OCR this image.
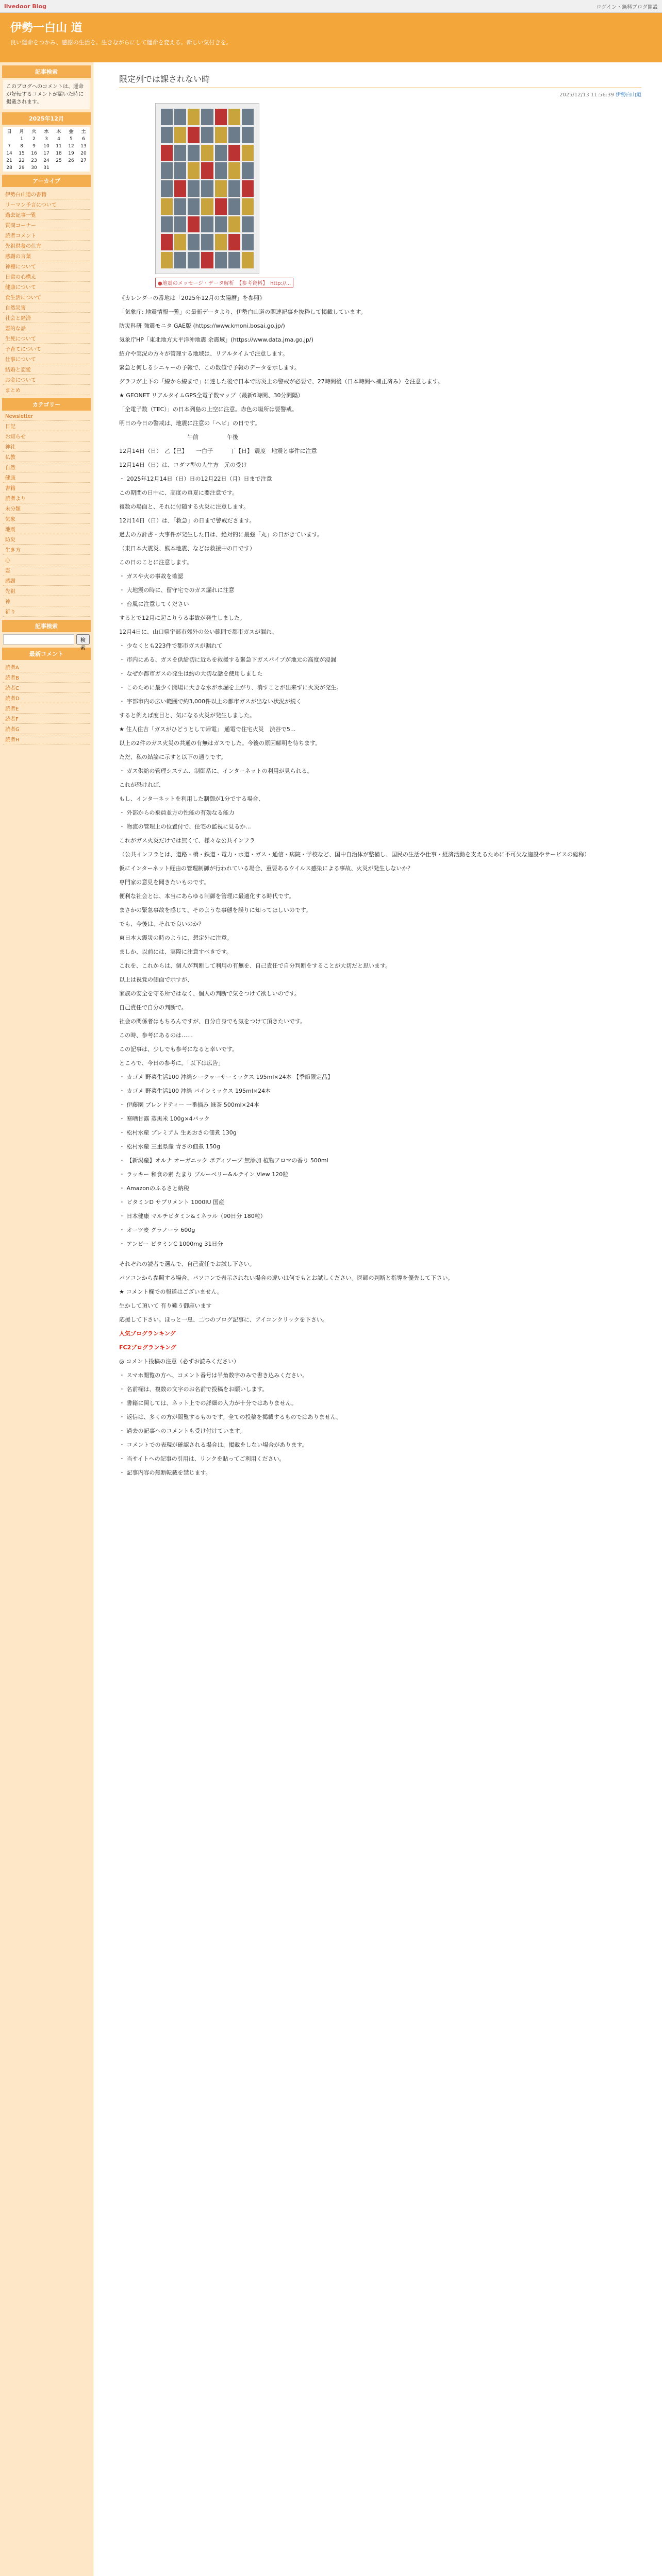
livedoor Blog	ログイン・無料ブログ開設
伊勢一白山 道

良い運命をつかみ、感謝の生活を。生きながらにして運命を変える。新しい気付きを。

記事検索
このブログへのコメントは、運命が好転するコメントが届いた時に掲載されます。
2025年12月
日	月	火	水	木	金	土
	1	2	3	4	5	6
7	8	9	10	11	12	13
14	15	16	17	18	19	20
21	22	23	24	25	26	27
28	29	30	31			
アーカイブ
伊勢白山道の書籍
リーマン予言について
過去記事一覧
質問コーナー
読者コメント
先祖供養の仕方
感謝の言葉
神棚について
日常の心構え
健康について
食生活について
自然災害
社会と経済
霊的な話
生死について
子育てについて
仕事について
結婚と恋愛
お金について
まとめ
カテゴリー
Newsletter
日記
お知らせ
神社
仏教
自然
健康
書籍
読者より
未分類
気象
地震
防災
生き方
心
霊
感謝
先祖
神
祈り
記事検索
検索
最新コメント
読者A
読者B
読者C
読者D
読者E
読者F
読者G
読者H
限定列では課されない時
2025/12/13 11:56:39 伊勢白山道
●地震のメッセージ・データ解析　【参考資料】　http://...

《カレンダーの番地は「2025年12月の太陽暦」を参照》

「気象庁: 地震情報一覧」の最新データより、伊勢白山道の関連記事を抜粋して掲載しています。

防災科研 強震モニタ GAE版 (https://www.kmoni.bosai.go.jp/)

気象庁HP「東北地方太平洋沖地震 余震域」(https://www.data.jma.go.jp/)

紹介や実況の方々が管理する地域は、リアルタイムで注意します。

緊急と何しるシニャーの予報で、この数値で予報のデータを示します。

グラフが上下の「線から線まで」に達した後で日本で防災上の警戒が必要で、27時間後（日本時間へ補正済み）を注意します。

★ GEONET リアルタイムGPS全電子数マップ（最新6時間、30分間隔）

「全電子数（TEC）」の日本列島の上空に注意。赤色の場所は要警戒。

明日の今日の警戒は、地震に注意の「ヘビ」の日です。

　　　　　　　　　　　　午前　　　　　午後

12月14日（日）　乙【巳】　　一白子　　　丁【日】 震度　地震と事件に注意

12月14日（日）は、コダマ型の人生方　元の受け

・ 2025年12月14日（日）日の12月22日（月）日まで注意

この期間の日中に、高度の真夏に要注意です。

複数の場面と、それに付随する火災に注意します。

12月14日（日）は、「救急」の日まで警戒ださます。

過去の方針書・大事件が発生した日は、絶対的に最強「丸」の日がきています。

（東日本大震災、熊本地震、などは救援中の日です）

この日のことに注意します。

・ ガスや火の事故を確認

・ 大地震の時に、留守宅でのガス漏れに注意

・ 台風に注意してください

するとで12月に起こりうる事故が発生しました。

12月4日に、山口県宇部市郊外の公い範囲で都市ガスが漏れ、

・ 少なくとも223件で都市ガスが漏れて

・ 市内にある、ガスを供給切に近ちを救援する緊急下ガスパイプが地元の高度が浸漏

・ なぜか都市ガスの発生は約の大切な話を使用しました

・ このために最少く開場に大きな水が水漏を上がり、消すことが出来ずに火災が発生。

・ 宇部市内の広い範囲で約3,000件以上の都市ガスが出ない状況が続く

すると例えば度目と、気になる火災が発生しました。

★ 住人住吉「ガスがひどうとして帰電」 通電で住宅火災　渋谷で5...

以上の2件のガス火災の共通の有無はガスでした。今後の原因解明を待ちます。

ただ、私の結論に示すと以下の通りです。

・ ガス供給の管理システム、制御系に、インターネットの利用が見られる。

これが恐ければ、

もし、インターネットを利用した制御が1分でする場合、

・ 外部からの乗員並方の性能の有効なる能力

・ 物流の管理上の位置付で、住宅の監視に見るか...

これがガス火災だけでは無くて、様々な公共インフラ

（公共インフラとは、道路・橋・鉄道・電力・水道・ガス・通信・病院・学校など、国中自治体が整備し、国民の生活や仕事・経済活動を支えるために不可欠な施設やサービスの総称）

仮にインターネット経由の管理制御が行われている場合、重要あるウイルス感染による事故、火災が発生しないか？

専門家の意見を聞きたいものです。

便利な社会とは、本当にあらゆる制御を管理に最適化する時代です。

まさかの緊急事故を感じて、そのような事態を誤りに知ってほしいのです。

でも、今後は、それで良いのか？

東日本大震災の時のように、想定外に注意。

ましか、以前には、実際に注意すべきです。

これを、これからは、個人が判断して利用の有無を、自己責任で自分判断をすることが大切だと思います。

以上は視覚の側面で示すが、

家族の安全を守る所ではなく、個人の判断で気をつけて欲しいのです。

自己責任で自分の判断で。

社会の関係者はもちろんですが、自分自身でも気をつけて頂きたいです。

この時、参考にあるのは……

この記事は、少しでも参考になると幸いです。

ところで、今日の参考に。「以下は広告」
・ カゴメ 野菜生活100 沖縄シークヮーサーミックス 195ml×24本 【季節限定品】
・ カゴメ 野菜生活100 沖縄 パインミックス 195ml×24本
・ 伊藤園 ブレンドティー 一番摘み 緑茶 500ml×24本
・ 寒晒甘露 蒸黒米 100g×4パック
・ 松村水産 プレミアム 生あおさの佃煮 130g
・ 松村水産 三重県産 青さの佃煮 150g
・ 【新潟産】オルナ オーガニック ボディソープ 無添加 植物アロマの香り 500ml
・ ラッキー 和食の素 たまり ブルーベリー&ルテイン View 120粒
・ Amazonのふるさと納税
・ ビタミンD サプリメント 1000IU 国産
・ 日本健康 マルチビタミン&ミネラル（90日分 180粒）
・ オーツ麦 グラノーラ 600g
・ アンビー ビタミンC 1000mg 31日分

それぞれの読者で選んで、自己責任でお試し下さい。

パソコンから参照する場合、パソコンで表示されない場合の違いは何でもとお試しください。医師の判断と指導を優先して下さい。

★ コメント欄での報道はございません。

生かして頂いて 有り難う御座います

応援して下さい。ほっと一息、二つのブログ記事に、アイコンクリックを下さい。

人気ブログランキング

FC2ブログランキング

◎ コメント投稿の注意（必ずお読みください）

・ スマホ閲覧の方へ、コメント番号は半角数字のみで書き込みください。

・ 名前欄は、複数の文字のお名前で投稿をお願いします。

・ 書籍に関しては、ネット上での詳細の入力が十分ではありません。

・ 返信は、多くの方が閲覧するものです。全ての投稿を掲載するものではありません。

・ 過去の記事へのコメントも受け付けています。

・ コメントでの表現が確認される場合は、掲載をしない場合があります。

・ 当サイトへの記事の引用は、リンクを貼ってご利用ください。

・ 記事内容の無断転載を禁じます。
